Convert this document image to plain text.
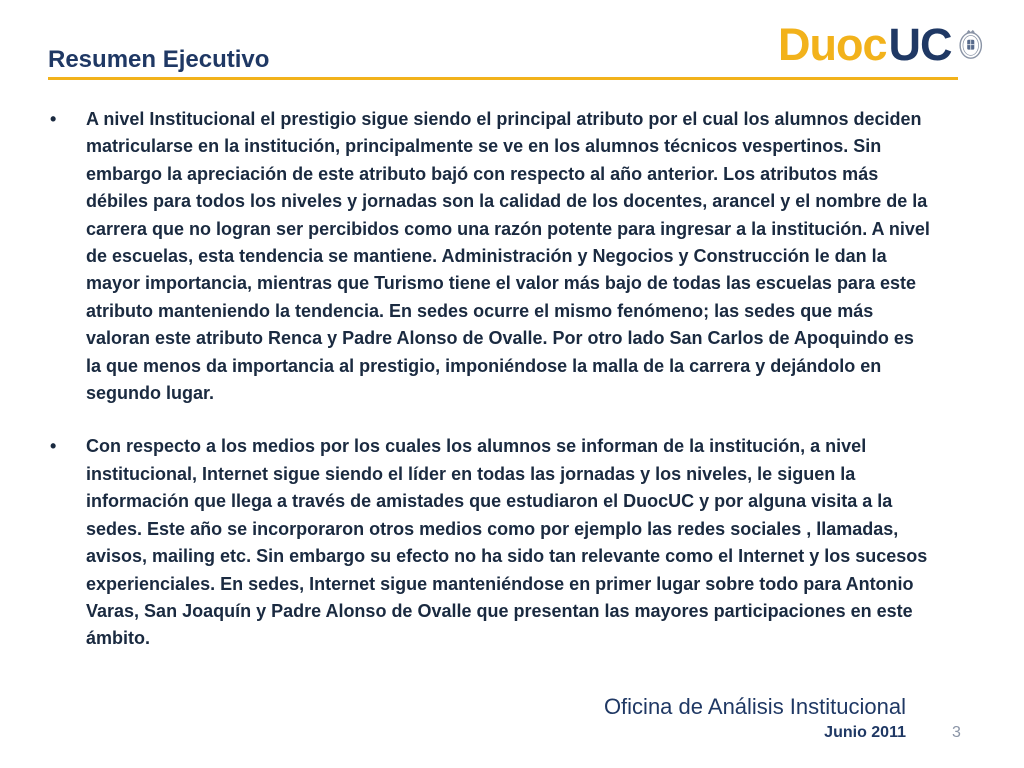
Resumen Ejecutivo	Duoc UC
•	A nivel Institucional el prestigio sigue siendo el principal atributo por el cual los alumnos deciden matricularse en la institución, principalmente se ve en los alumnos técnicos vespertinos. Sin embargo la apreciación de este atributo bajó con respecto al año anterior. Los atributos más débiles para todos los niveles y jornadas son la calidad de los docentes, arancel y el nombre de la carrera que no logran ser percibidos como una razón potente para ingresar a la institución. A nivel de escuelas, esta tendencia se mantiene. Administración y Negocios y Construcción le dan la mayor importancia, mientras que Turismo tiene el valor más bajo de todas las escuelas para este atributo manteniendo la tendencia. En sedes ocurre el mismo fenómeno; las sedes que más valoran este atributo Renca y Padre Alonso de Ovalle. Por otro lado San Carlos de Apoquindo es la que menos da importancia al prestigio, imponiéndose la malla de la carrera y dejándolo en segundo lugar.
•	Con respecto a los medios por los cuales los alumnos se informan de la institución, a nivel institucional, Internet sigue siendo el líder en todas las jornadas y los niveles, le siguen la información que llega a través de amistades que estudiaron el DuocUC y por alguna visita a la sedes. Este año se incorporaron otros medios como por ejemplo las redes sociales , llamadas, avisos, mailing etc. Sin embargo su efecto no ha sido tan relevante como el Internet y los sucesos experienciales. En sedes, Internet sigue manteniéndose en primer lugar sobre todo para Antonio Varas, San Joaquín y Padre Alonso de Ovalle que presentan las mayores participaciones en este ámbito.
Oficina de Análisis Institucional
Junio 2011	3
